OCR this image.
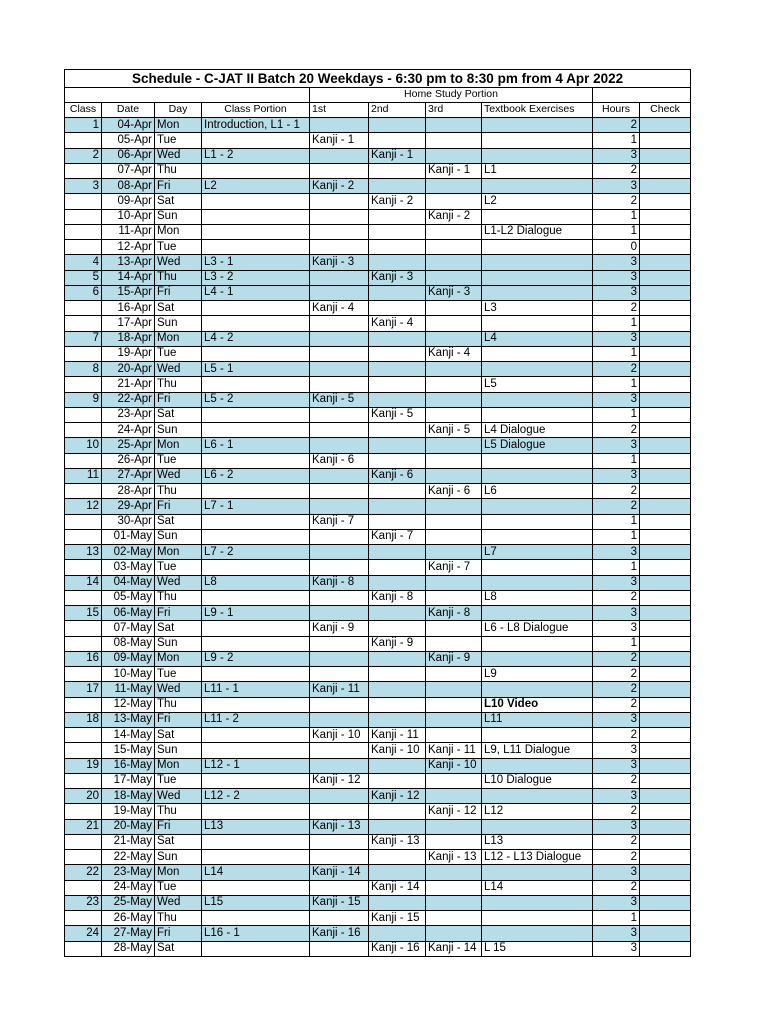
Schedule - C-JAT II Batch 20 Weekdays - 6:30 pm to 8:30 pm from 4 Apr 2022									
				Home Study Portion					
Class	Date	Day	Class Portion	1st	2nd	3rd	Textbook Exercises	Hours	Check
1	04-Apr	Mon	Introduction, L1 - 1					2	
	05-Apr	Tue		Kanji - 1				1	
2	06-Apr	Wed	L1 - 2		Kanji - 1			3	
	07-Apr	Thu				Kanji - 1	L1	2	
3	08-Apr	Fri	L2	Kanji - 2				3	
	09-Apr	Sat			Kanji - 2		L2	2	
	10-Apr	Sun				Kanji - 2		1	
	11-Apr	Mon					L1-L2 Dialogue	1	
	12-Apr	Tue						0	
4	13-Apr	Wed	L3 - 1	Kanji - 3				3	
5	14-Apr	Thu	L3 - 2		Kanji - 3			3	
6	15-Apr	Fri	L4 - 1			Kanji - 3		3	
	16-Apr	Sat		Kanji - 4			L3	2	
	17-Apr	Sun			Kanji - 4			1	
7	18-Apr	Mon	L4 - 2				L4	3	
	19-Apr	Tue				Kanji - 4		1	
8	20-Apr	Wed	L5 - 1					2	
	21-Apr	Thu					L5	1	
9	22-Apr	Fri	L5 - 2	Kanji - 5				3	
	23-Apr	Sat			Kanji - 5			1	
	24-Apr	Sun				Kanji - 5	L4 Dialogue	2	
10	25-Apr	Mon	L6 - 1				L5 Dialogue	3	
	26-Apr	Tue		Kanji - 6				1	
11	27-Apr	Wed	L6 - 2		Kanji - 6			3	
	28-Apr	Thu				Kanji - 6	L6	2	
12	29-Apr	Fri	L7 - 1					2	
	30-Apr	Sat		Kanji - 7				1	
	01-May	Sun			Kanji - 7			1	
13	02-May	Mon	L7 - 2				L7	3	
	03-May	Tue				Kanji - 7		1	
14	04-May	Wed	L8	Kanji - 8				3	
	05-May	Thu			Kanji - 8		L8	2	
15	06-May	Fri	L9 - 1			Kanji - 8		3	
	07-May	Sat		Kanji - 9			L6 - L8 Dialogue	3	
	08-May	Sun			Kanji - 9			1	
16	09-May	Mon	L9 - 2			Kanji - 9		2	
	10-May	Tue					L9	2	
17	11-May	Wed	L11 - 1	Kanji - 11				2	
	12-May	Thu					L10 Video	2	
18	13-May	Fri	L11 - 2				L11	3	
	14-May	Sat		Kanji - 10	Kanji - 11			2	
	15-May	Sun			Kanji - 10	Kanji - 11	L9, L11 Dialogue	3	
19	16-May	Mon	L12 - 1			Kanji - 10		3	
	17-May	Tue		Kanji - 12			L10 Dialogue	2	
20	18-May	Wed	L12 - 2		Kanji - 12			3	
	19-May	Thu				Kanji - 12	L12	2	
21	20-May	Fri	L13	Kanji - 13				3	
	21-May	Sat			Kanji - 13		L13	2	
	22-May	Sun				Kanji - 13	L12 - L13 Dialogue	2	
22	23-May	Mon	L14	Kanji - 14				3	
	24-May	Tue			Kanji - 14		L14	2	
23	25-May	Wed	L15	Kanji - 15				3	
	26-May	Thu			Kanji - 15			1	
24	27-May	Fri	L16 - 1	Kanji - 16				3	
	28-May	Sat			Kanji - 16	Kanji - 14	L 15	3	
